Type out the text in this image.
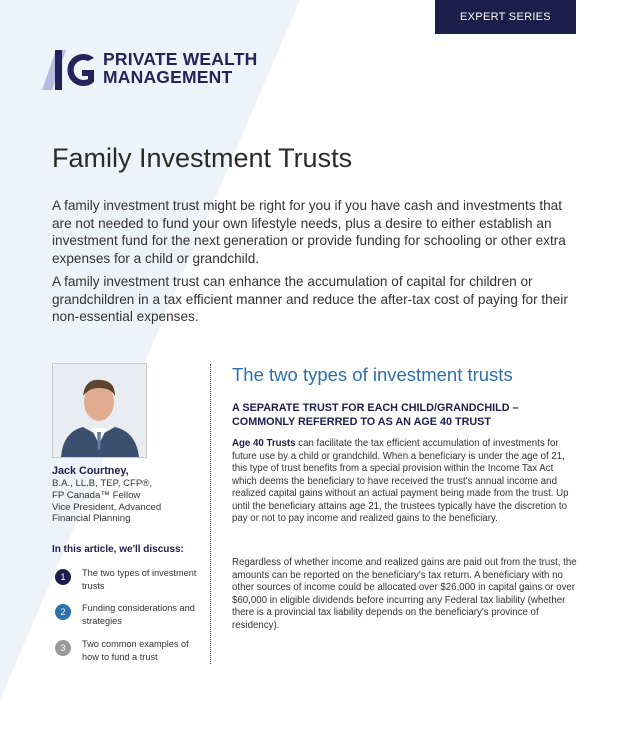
EXPERT SERIES
PRIVATE WEALTH
MANAGEMENT
Family Investment Trusts

A family investment trust might be right for you if you have cash and investments that are not needed to fund your own lifestyle needs, plus a desire to either establish an investment fund for the next generation or provide funding for schooling or other extra expenses for a child or grandchild.

A family investment trust can enhance the accumulation of capital for children or grandchildren in a tax efficient manner and reduce the after-tax cost of paying for their non-essential expenses.

Jack Courtney,
B.A., LL.B, TEP, CFP®,
FP Canada™ Fellow
Vice President, Advanced
Financial Planning
In this article, we'll discuss:
1	The two types of investment trusts
2	Funding considerations and strategies
3	Two common examples of how to fund a trust
The two types of investment trusts
A SEPARATE TRUST FOR EACH CHILD/GRANDCHILD – COMMONLY REFERRED TO AS AN AGE 40 TRUST

Age 40 Trusts can facilitate the tax efficient accumulation of investments for future use by a child or grandchild. When a beneficiary is under the age of 21, this type of trust benefits from a special provision within the Income Tax Act which deems the beneficiary to have received the trust's annual income and realized capital gains without an actual payment being made from the trust. Up until the beneficiary attains age 21, the trustees typically have the discretion to pay or not to pay income and realized gains to the beneficiary.

Regardless of whether income and realized gains are paid out from the trust, the amounts can be reported on the beneficiary's tax return. A beneficiary with no other sources of income could be allocated over $26,000 in capital gains or over $60,000 in eligible dividends before incurring any Federal tax liability (whether there is a provincial tax liability depends on the beneficiary's province of residency).
